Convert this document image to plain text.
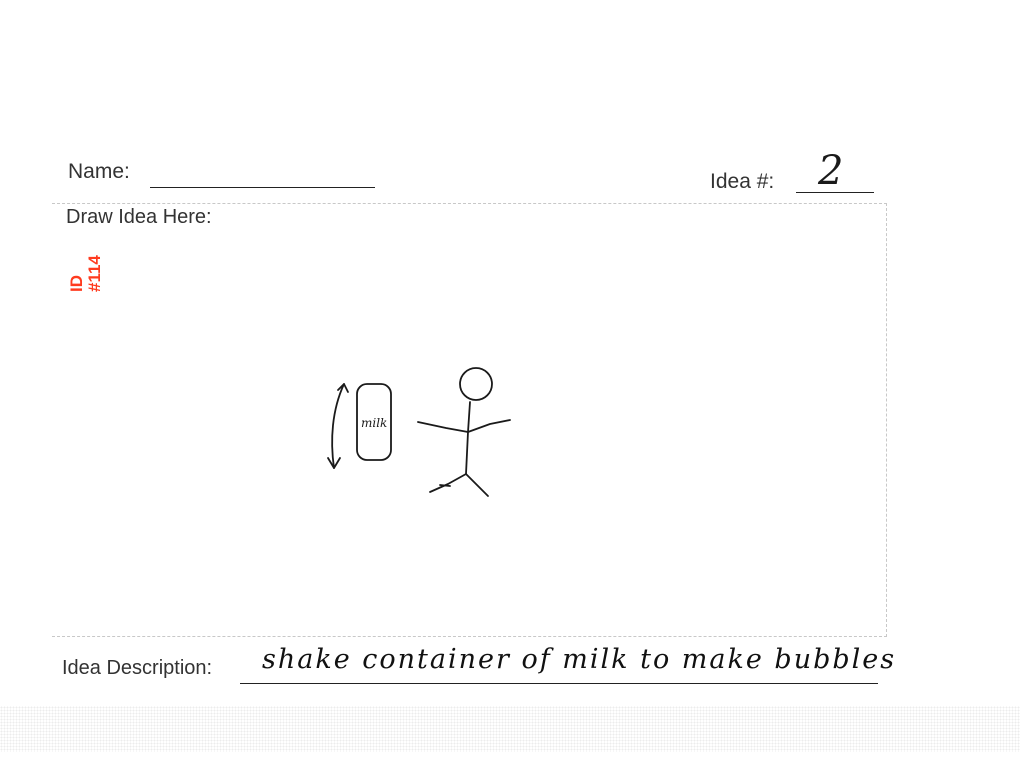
Name:	Idea #: 2
Draw Idea Here:
ID #114
milk
Idea Description: shake container of milk to make bubbles
